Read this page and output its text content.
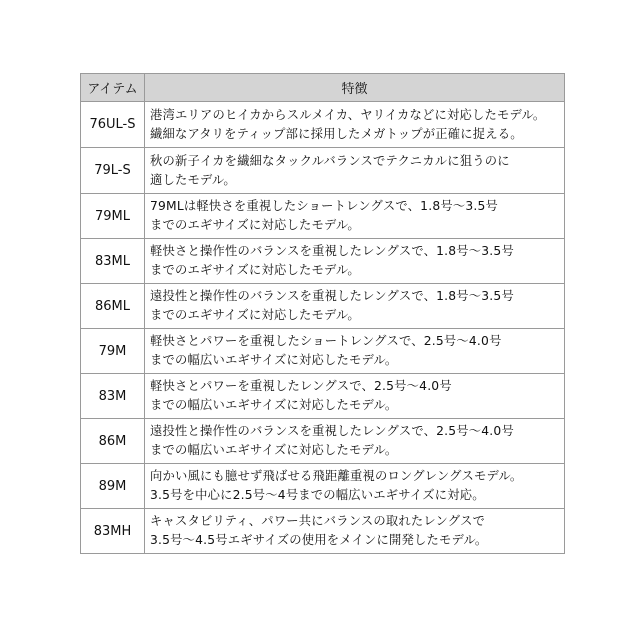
アイテム	特徴
76UL-S	港湾エリアのヒイカからスルメイカ、ヤリイカなどに対応したモデル。
繊細なアタリをティップ部に採用したメガトップが正確に捉える。

79L-S	秋の新子イカを繊細なタックルバランスでテクニカルに狙うのに
適したモデル。

79ML	79MLは軽快さを重視したショートレングスで、1.8号〜3.5号
までのエギサイズに対応したモデル。

83ML	軽快さと操作性のバランスを重視したレングスで、1.8号〜3.5号
までのエギサイズに対応したモデル。

86ML	遠投性と操作性のバランスを重視したレングスで、1.8号〜3.5号
までのエギサイズに対応したモデル。

79M	軽快さとパワーを重視したショートレングスで、2.5号〜4.0号
までの幅広いエギサイズに対応したモデル。

83M	軽快さとパワーを重視したレングスで、2.5号〜4.0号
までの幅広いエギサイズに対応したモデル。

86M	遠投性と操作性のバランスを重視したレングスで、2.5号〜4.0号
までの幅広いエギサイズに対応したモデル。

89M	向かい風にも臆せず飛ばせる飛距離重視のロングレングスモデル。
3.5号を中心に2.5号〜4号までの幅広いエギサイズに対応。

83MH	キャスタビリティ、パワー共にバランスの取れたレングスで
3.5号〜4.5号エギサイズの使用をメインに開発したモデル。
